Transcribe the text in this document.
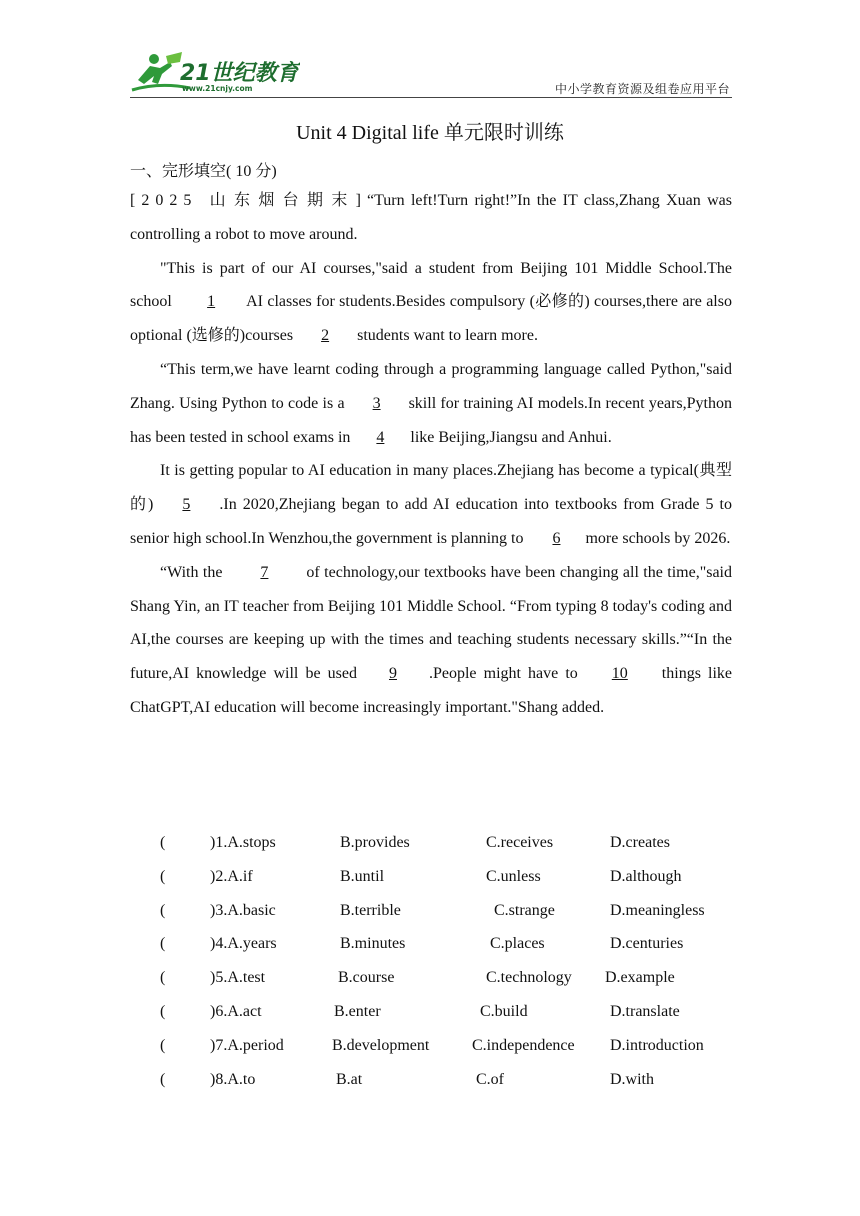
21世纪教育
www.21cnjy.com	中小学教育资源及组卷应用平台
Unit 4 Digital life 单元限时训练
一、完形填空( 10 分)

[2025 山东烟台期末]“Turn left!Turn right!”In the IT class,Zhang Xuan was controlling a robot to move around.

"This is part of our AI courses,"said a student from Beijing 101 Middle School.The school 1 AI classes for students.Besides compulsory (必修的) courses,there are also optional (选修的)courses 2 students want to learn more.

“This term,we have learnt coding through a programming language called Python,"said Zhang. Using Python to code is a 3 skill for training AI models.In recent years,Python has been tested in school exams in 4 like Beijing,Jiangsu and Anhui.

It is getting popular to AI education in many places.Zhejiang has become a typical(典型的) 5 .In 2020,Zhejiang began to add AI education into textbooks from Grade 5 to senior high school.In Wenzhou,the government is planning to 6 more schools by 2026.

“With the 7 of technology,our textbooks have been changing all the time,"said Shang Yin, an IT teacher from Beijing 101 Middle School. “From typing 8 today's coding and AI,the courses are keeping up with the times and teaching students necessary skills.”“In the future,AI knowledge will be used 9 .People might have to 10 things like ChatGPT,AI education will become increasingly important."Shang added.

(	)1.A.stops	B.provides	C.receives	D.creates
(	)2.A.if	B.until	C.unless	D.although
(	)3.A.basic	B.terrible	C.strange	D.meaningless
(	)4.A.years	B.minutes	C.places	D.centuries
(	)5.A.test	B.course	C.technology D.example
(	)6.A.act	B.enter	C.build	D.translate
(	)7.A.period	B.development	C.independence D.introduction
(	)8.A.to	B.at	C.of	D.with
